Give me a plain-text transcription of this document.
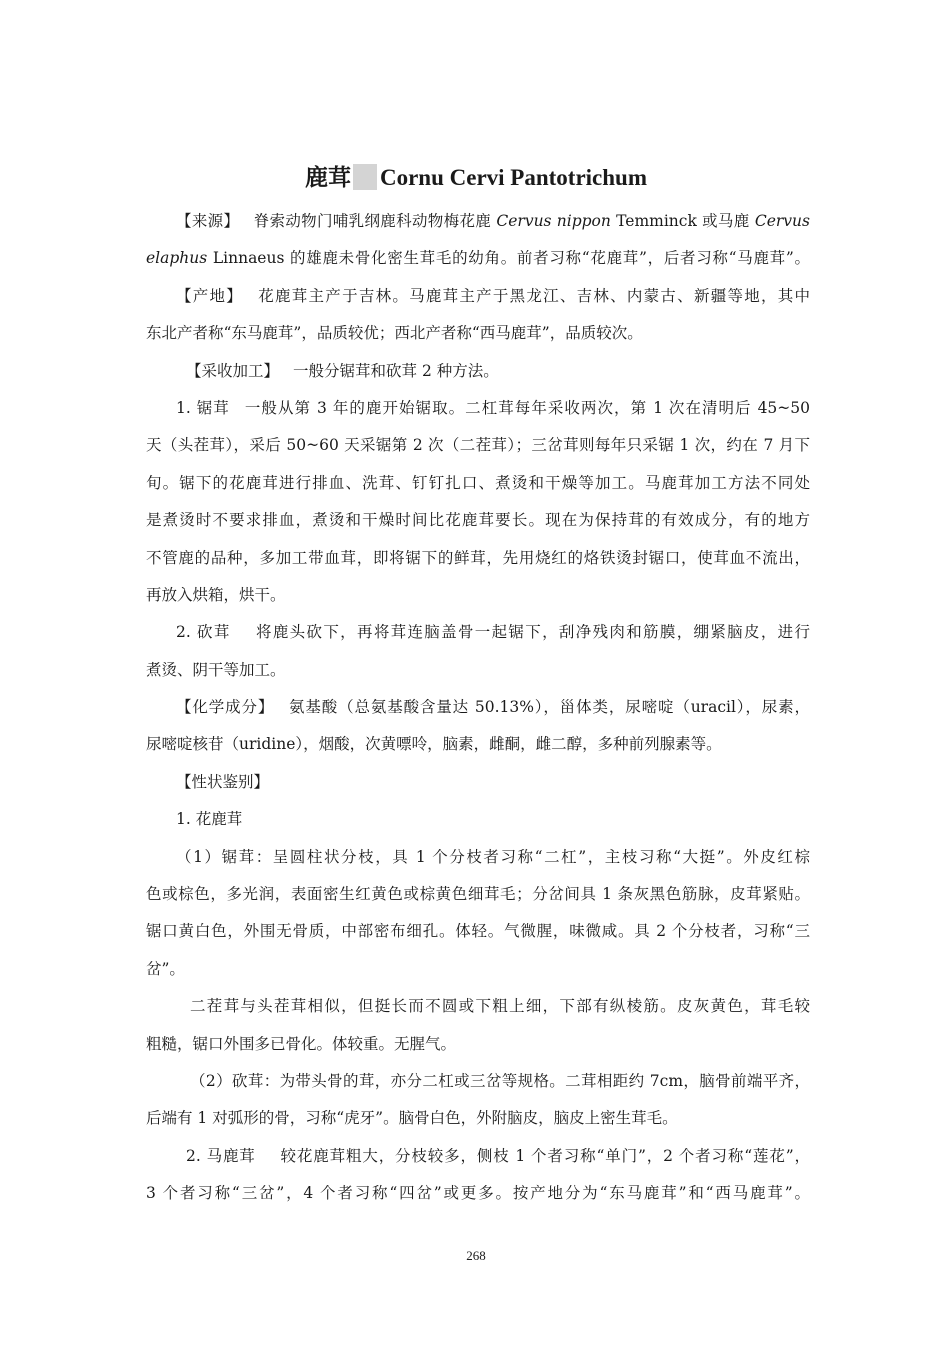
鹿茸 Cornu Cervi Pantotrichum
【来源】 脊索动物门哺乳纲鹿科动物梅花鹿 Cervus nippon Temminck 或马鹿 Cervus
elaphus Linnaeus 的雄鹿未骨化密生茸毛的幼角。前者习称“花鹿茸”，后者习称“马鹿茸”。
【产地】 花鹿茸主产于吉林。马鹿茸主产于黑龙江、吉林、内蒙古、新疆等地，其中
东北产者称“东马鹿茸”，品质较优；西北产者称“西马鹿茸”，品质较次。
【采收加工】 一般分锯茸和砍茸 2 种方法。
1. 锯茸 一般从第 3 年的鹿开始锯取。二杠茸每年采收两次，第 1 次在清明后 45~50
天（头茬茸），采后 50~60 天采锯第 2 次（二茬茸）；三岔茸则每年只采锯 1 次，约在 7 月下
旬。锯下的花鹿茸进行排血、洗茸、钉钉扎口、煮烫和干燥等加工。马鹿茸加工方法不同处
是煮烫时不要求排血，煮烫和干燥时间比花鹿茸要长。现在为保持茸的有效成分，有的地方
不管鹿的品种，多加工带血茸，即将锯下的鲜茸，先用烧红的烙铁烫封锯口，使茸血不流出，
再放入烘箱，烘干。
2. 砍茸 将鹿头砍下，再将茸连脑盖骨一起锯下，刮净残肉和筋膜，绷紧脑皮，进行
煮烫、阴干等加工。
【化学成分】 氨基酸（总氨基酸含量达 50.13%），甾体类，尿嘧啶（uracil），尿素，
尿嘧啶核苷（uridine），烟酸，次黄嘌呤，脑素，雌酮，雌二醇，多种前列腺素等。
【性状鉴别】
1. 花鹿茸
（1）锯茸：呈圆柱状分枝，具 1 个分枝者习称“二杠”，主枝习称“大挺”。外皮红棕
色或棕色，多光润，表面密生红黄色或棕黄色细茸毛；分岔间具 1 条灰黑色筋脉，皮茸紧贴。
锯口黄白色，外围无骨质，中部密布细孔。体轻。气微腥，味微咸。具 2 个分枝者，习称“三
岔”。
二茬茸与头茬茸相似，但挺长而不圆或下粗上细，下部有纵棱筋。皮灰黄色，茸毛较
粗糙，锯口外围多已骨化。体较重。无腥气。
（2）砍茸：为带头骨的茸，亦分二杠或三岔等规格。二茸相距约 7cm，脑骨前端平齐，
后端有 1 对弧形的骨，习称“虎牙”。脑骨白色，外附脑皮，脑皮上密生茸毛。
2. 马鹿茸 较花鹿茸粗大，分枝较多，侧枝 1 个者习称“单门”，2 个者习称“莲花”，
3 个者习称“三岔”，4 个者习称“四岔”或更多。按产地分为“东马鹿茸”和“西马鹿茸”。
268
